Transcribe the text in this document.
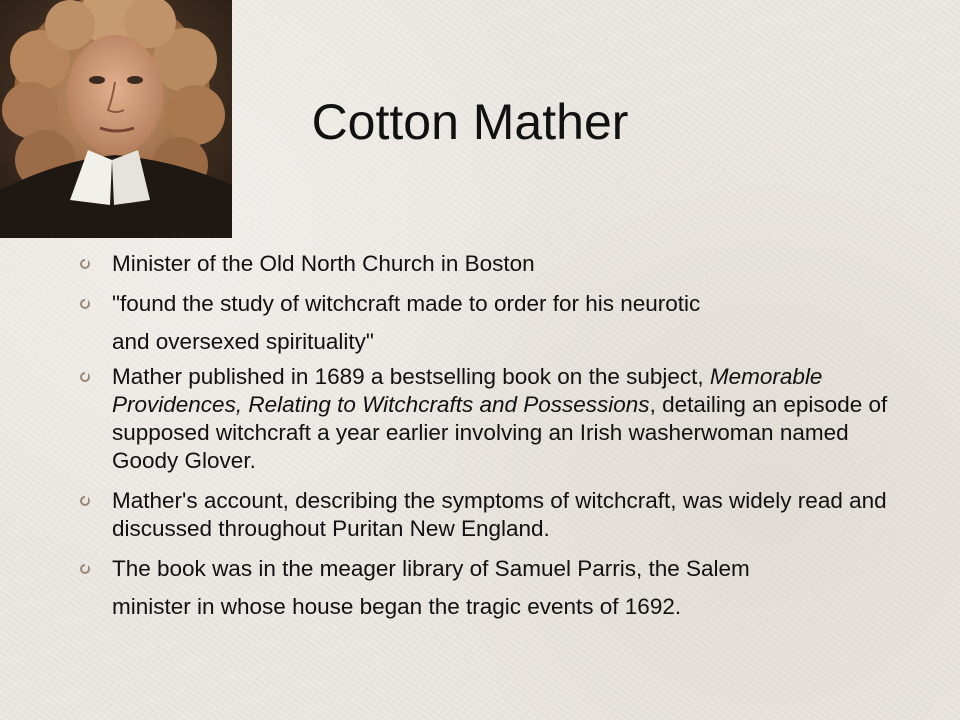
Cotton Mather
Minister of the Old North Church in Boston
"found the study of witchcraft made to order for his neurotic
and oversexed spirituality"
Mather published in 1689 a bestselling book on the subject, Memorable Providences, Relating to Witchcrafts and Possessions, detailing an episode of supposed witchcraft a year earlier involving an Irish washerwoman named Goody Glover.
Mather's account, describing the symptoms of witchcraft, was widely read and discussed throughout Puritan New England.
The book was in the meager library of Samuel Parris, the Salem
minister in whose house began the tragic events of 1692.
